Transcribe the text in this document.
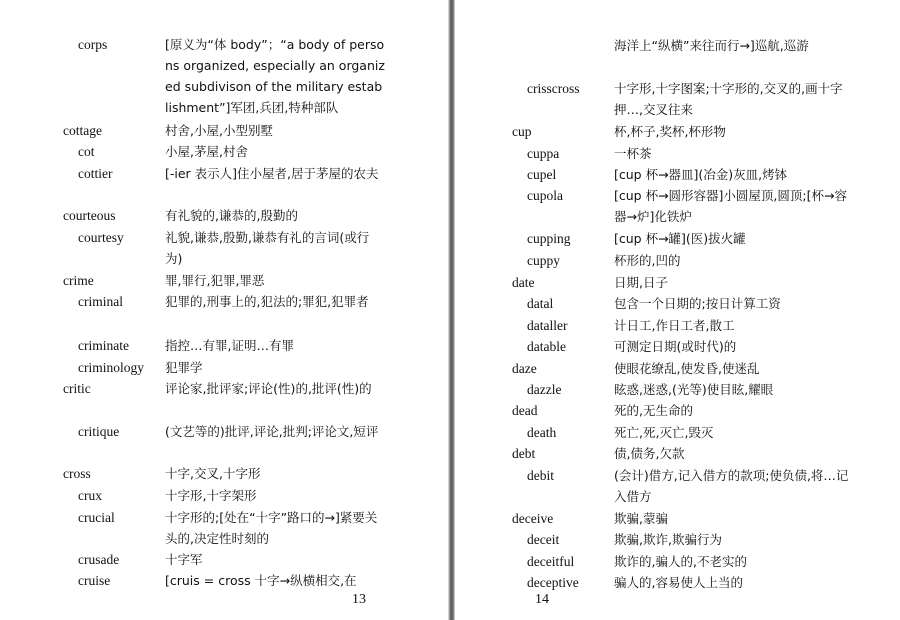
corps	[原义为“体 body”；“a body of persons organized, especially an organized subdivison of the military establishment”]军团,兵团,特种部队
cottage	村舍,小屋,小型别墅
cot	小屋,茅屋,村舍
cottier	[-ier 表示人]住小屋者,居于茅屋的农夫
courteous	有礼貌的,谦恭的,殷勤的
courtesy	礼貌,谦恭,殷勤,谦恭有礼的言词(或行为)
crime	罪,罪行,犯罪,罪恶
criminal	犯罪的,刑事上的,犯法的;罪犯,犯罪者
criminate	指控…有罪,证明…有罪
criminology 犯罪学
critic	评论家,批评家;评论(性)的,批评(性)的
critique	(文艺等的)批评,评论,批判;评论文,短评
cross	十字,交叉,十字形
crux	十字形,十字架形
crucial	十字形的;[处在“十字”路口的→]紧要关头的,决定性时刻的
crusade	十字军
cruise	[cruis = cross 十字→纵横相交,在
13
海洋上“纵横”来往而行→]巡航,巡游
crisscross	十字形,十字图案;十字形的,交叉的,画十字押…,交叉往来
cup	杯,杯子,奖杯,杯形物
cuppa	一杯茶
cupel	[cup 杯→器皿](冶金)灰皿,烤钵
cupola	[cup 杯→圆形容器]小圆屋顶,圆顶;[杯→容器→炉]化铁炉
cupping	[cup 杯→罐](医)拔火罐
cuppy	杯形的,凹的
date	日期,日子
datal	包含一个日期的;按日计算工资
dataller	计日工,作日工者,散工
datable	可测定日期(或时代)的
daze	使眼花缭乱,使发昏,使迷乱
dazzle	眩惑,迷惑,(光等)使目眩,耀眼
dead	死的,无生命的
death	死亡,死,灭亡,毁灭
debt	债,债务,欠款
debit	(会计)借方,记入借方的款项;使负债,将…记入借方
deceive	欺骗,蒙骗
deceit	欺骗,欺诈,欺骗行为
deceitful	欺诈的,骗人的,不老实的
deceptive	骗人的,容易使人上当的
14
